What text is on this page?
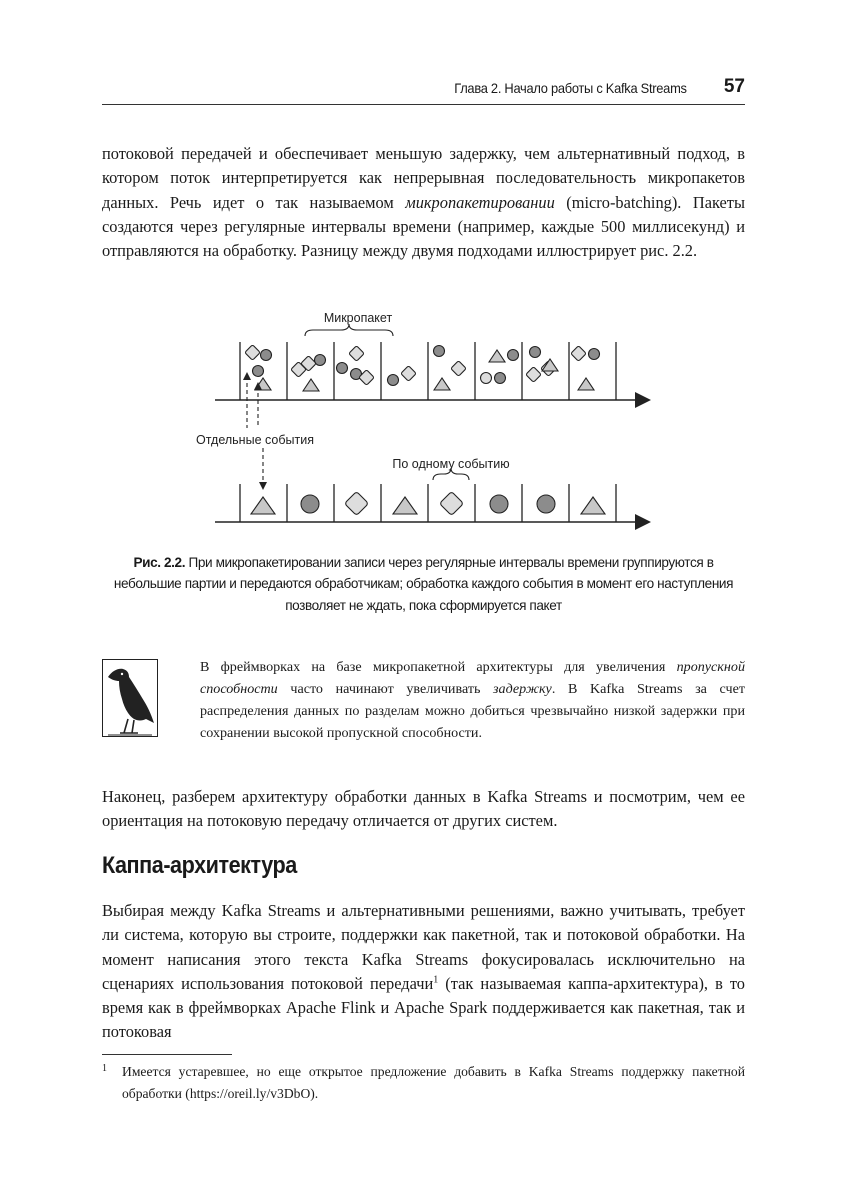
Глава 2. Начало работы с Kafka Streams 57

потоковой передачей и обеспечивает меньшую задержку, чем альтернативный подход, в котором поток интерпретируется как непрерывная последовательность микропакетов данных. Речь идет о так называемом микропакетировании (micro-batching). Пакеты создаются через регулярные интервалы времени (например, каждые 500 миллисекунд) и отправляются на обработку. Разницу между двумя подходами иллюстрирует рис. 2.2.

Микропакет
Отдельные события
По одному событию

Рис. 2.2. При микропакетировании записи через регулярные интервалы времени группируются в небольшие партии и передаются обработчикам; обработка каждого события в момент его наступления позволяет не ждать, пока сформируется пакет

В фреймворках на базе микропакетной архитектуры для увеличения пропускной способности часто начинают увеличивать задержку. В Kafka Streams за счет распределения данных по разделам можно добиться чрезвычайно низкой задержки при сохранении высокой пропускной способности.

Наконец, разберем архитектуру обработки данных в Kafka Streams и посмотрим, чем ее ориентация на потоковую передачу отличается от других систем.

Каппа-архитектура

Выбирая между Kafka Streams и альтернативными решениями, важно учитывать, требует ли система, которую вы строите, поддержки как пакетной, так и потоковой обработки. На момент написания этого текста Kafka Streams фокусировалась исключительно на сценариях использования потоковой передачи$^1$ (так называемая каппа-архитектура), в то время как в фреймворках Apache Flink и Apache Spark поддерживается как пакетная, так и потоковая

1	Имеется устаревшее, но еще открытое предложение добавить в Kafka Streams поддержку пакетной обработки (https://oreil.ly/v3DbO).
